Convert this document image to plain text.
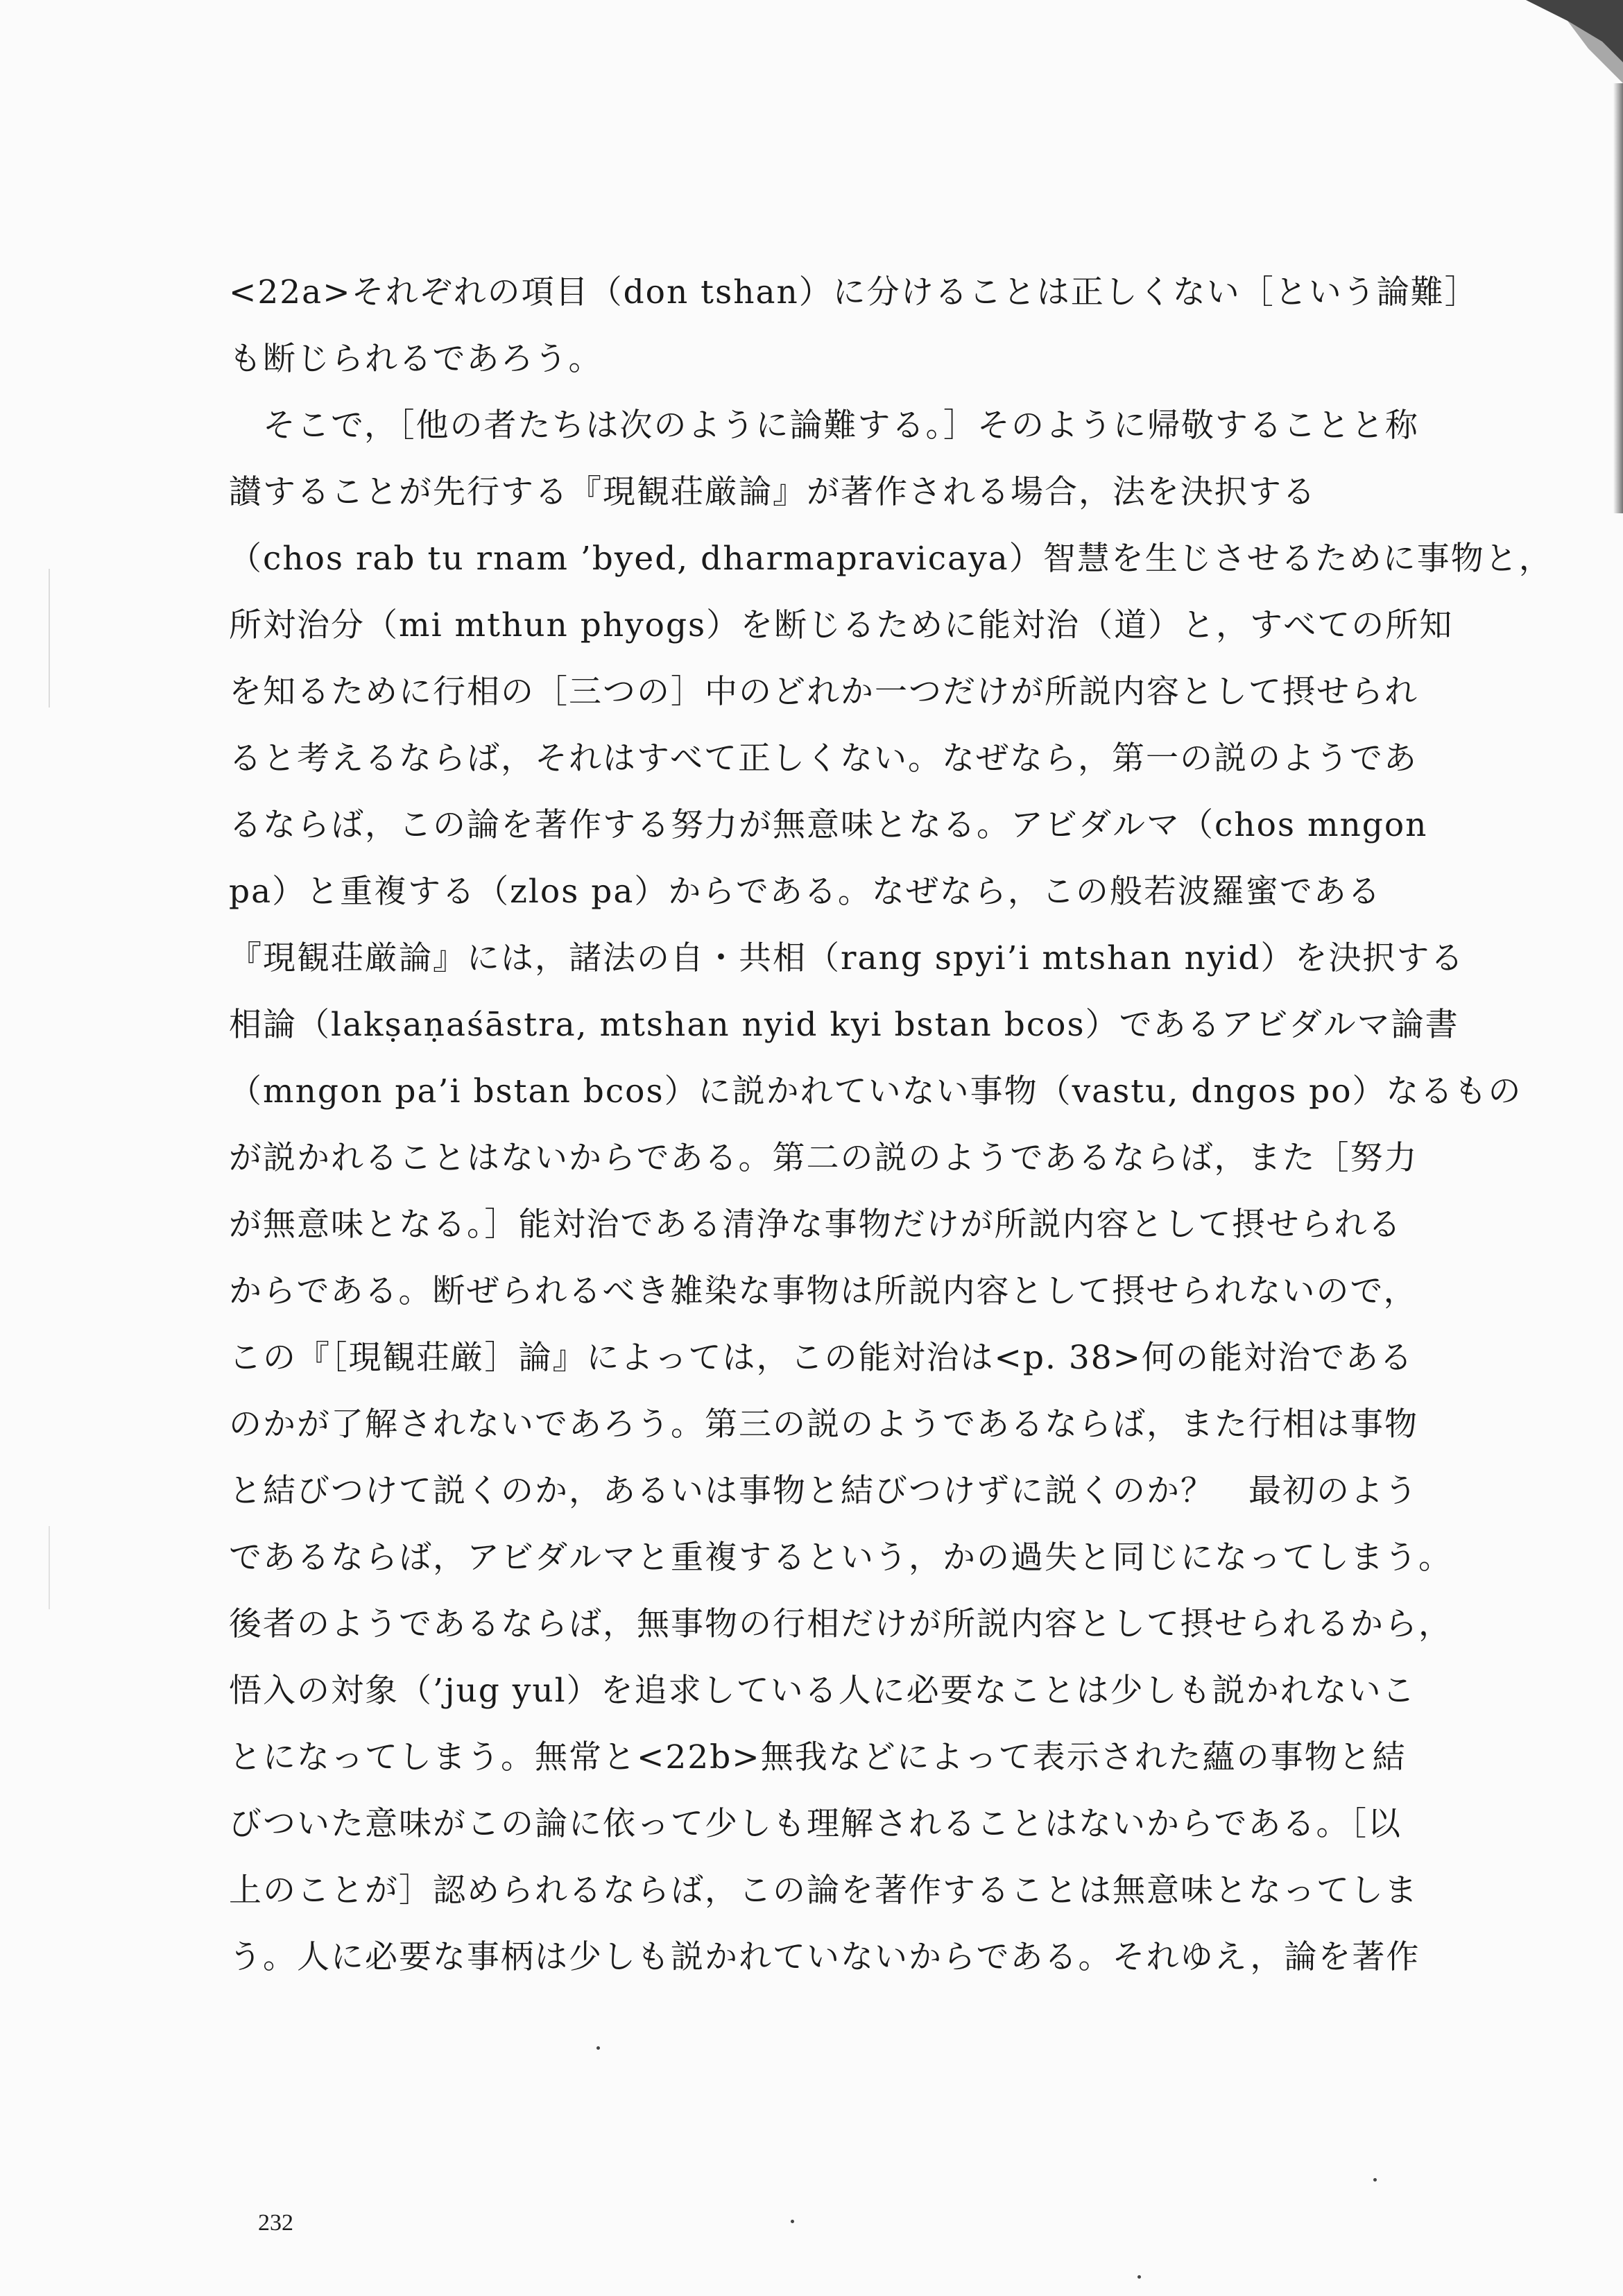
<22a>それぞれの項目（don tshan）に分けることは正しくない［という論難］
も断じられるであろう。
　そこで，［他の者たちは次のように論難する。］そのように帰敬することと称
讃することが先行する『現観荘厳論』が著作される場合，法を決択する
（chos rab tu rnam ’byed, dharmapravicaya）智慧を生じさせるために事物と，
所対治分（mi mthun phyogs）を断じるために能対治（道）と，すべての所知
を知るために行相の［三つの］中のどれか一つだけが所説内容として摂せられ
ると考えるならば，それはすべて正しくない。なぜなら，第一の説のようであ
るならば，この論を著作する努力が無意味となる。アビダルマ（chos mngon
pa）と重複する（zlos pa）からである。なぜなら，この般若波羅蜜である
『現観荘厳論』には，諸法の自・共相（rang spyi’i mtshan nyid）を決択する
相論（lakṣaṇaśāstra, mtshan nyid kyi bstan bcos）であるアビダルマ論書
（mngon pa’i bstan bcos）に説かれていない事物（vastu, dngos po）なるもの
が説かれることはないからである。第二の説のようであるならば，また［努力
が無意味となる。］能対治である清浄な事物だけが所説内容として摂せられる
からである。断ぜられるべき雑染な事物は所説内容として摂せられないので，
この『［現観荘厳］論』によっては，この能対治は<p. 38>何の能対治である
のかが了解されないであろう。第三の説のようであるならば，また行相は事物
と結びつけて説くのか，あるいは事物と結びつけずに説くのか？　最初のよう
であるならば，アビダルマと重複するという，かの過失と同じになってしまう。
後者のようであるならば，無事物の行相だけが所説内容として摂せられるから，
悟入の対象（’jug yul）を追求している人に必要なことは少しも説かれないこ
とになってしまう。無常と<22b>無我などによって表示された蘊の事物と結
びついた意味がこの論に依って少しも理解されることはないからである。［以
上のことが］認められるならば，この論を著作することは無意味となってしま
う。人に必要な事柄は少しも説かれていないからである。それゆえ，論を著作
232
